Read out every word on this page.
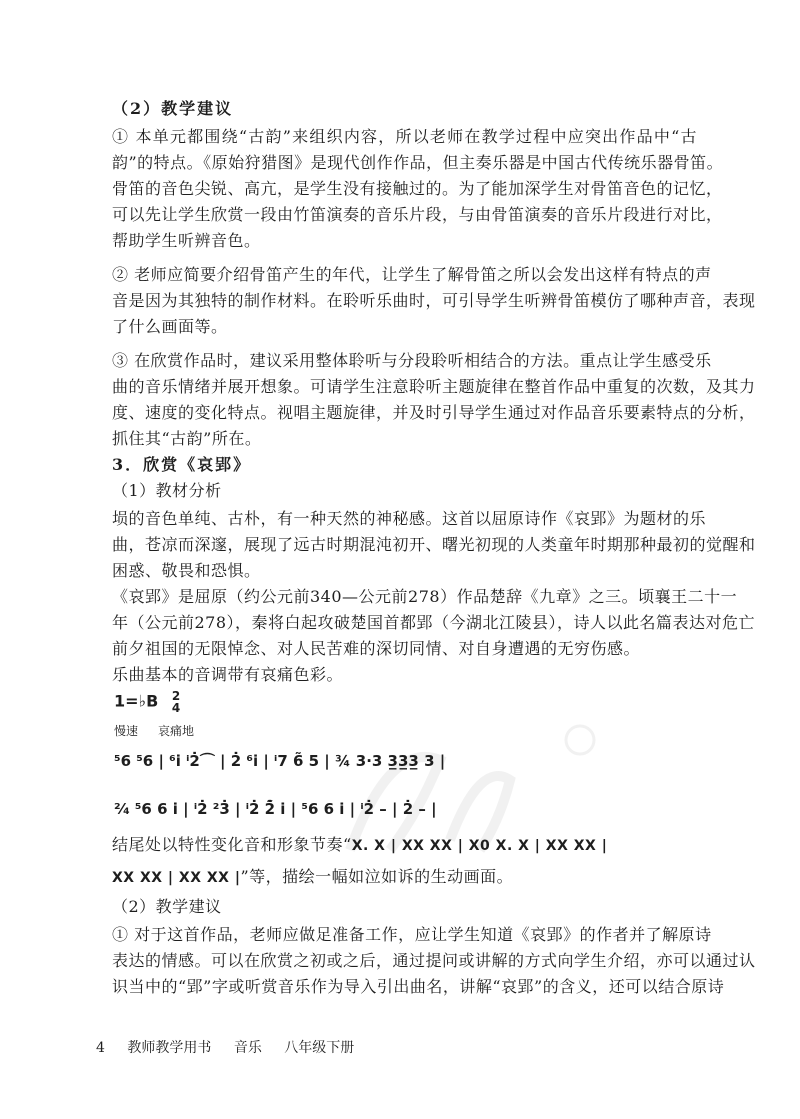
（2）教学建议
① 本单元都围绕“古韵”来组织内容，所以老师在教学过程中应突出作品中“古
韵”的特点。《原始狩猎图》是现代创作作品，但主奏乐器是中国古代传统乐器骨笛。
骨笛的音色尖锐、高亢，是学生没有接触过的。为了能加深学生对骨笛音色的记忆，
可以先让学生欣赏一段由竹笛演奏的音乐片段，与由骨笛演奏的音乐片段进行对比，
帮助学生听辨音色。
② 老师应简要介绍骨笛产生的年代，让学生了解骨笛之所以会发出这样有特点的声
音是因为其独特的制作材料。在聆听乐曲时，可引导学生听辨骨笛模仿了哪种声音，表现
了什么画面等。
③ 在欣赏作品时，建议采用整体聆听与分段聆听相结合的方法。重点让学生感受乐
曲的音乐情绪并展开想象。可请学生注意聆听主题旋律在整首作品中重复的次数，及其力
度、速度的变化特点。视唱主题旋律，并及时引导学生通过对作品音乐要素特点的分析，
抓住其“古韵”所在。
3．欣赏《哀郢》
（1）教材分析
埙的音色单纯、古朴，有一种天然的神秘感。这首以屈原诗作《哀郢》为题材的乐
曲，苍凉而深邃，展现了远古时期混沌初开、曙光初现的人类童年时期那种最初的觉醒和
困惑、敬畏和恐惧。
《哀郢》是屈原（约公元前340—公元前278）作品楚辞《九章》之三。顷襄王二十一
年（公元前278），秦将白起攻破楚国首都郢（今湖北江陵县），诗人以此名篇表达对危亡
前夕祖国的无限悼念、对人民苦难的深切同情、对自身遭遇的无穷伤感。
乐曲基本的音调带有哀痛色彩。
1=♭B 2
4
慢速 哀痛地
⁵6 ⁵6 | ⁶i ⁱ2̇⌒ | 2̇ ⁶i | ⁱ7 6̃ 5 | ¾ 3·3 3̲3̲3̲ 3 |
²⁄₄ ⁵6 6 i | ⁱ2̇ ²3̇ | ⁱ2̇ 2̃̇ i | ⁵6 6 i | ⁱ2̇ – | 2̇ – |
结尾处以特性变化音和形象节奏“X. X | XX XX | X0 X. X | XX XX |
XX XX | XX XX |”等，描绘一幅如泣如诉的生动画面。
（2）教学建议
① 对于这首作品，老师应做足准备工作，应让学生知道《哀郢》的作者并了解原诗
表达的情感。可以在欣赏之初或之后，通过提问或讲解的方式向学生介绍，亦可以通过认
识当中的“郢”字或听赏音乐作为导入引出曲名，讲解“哀郢”的含义，还可以结合原诗
4 教师教学用书 音乐 八年级下册
